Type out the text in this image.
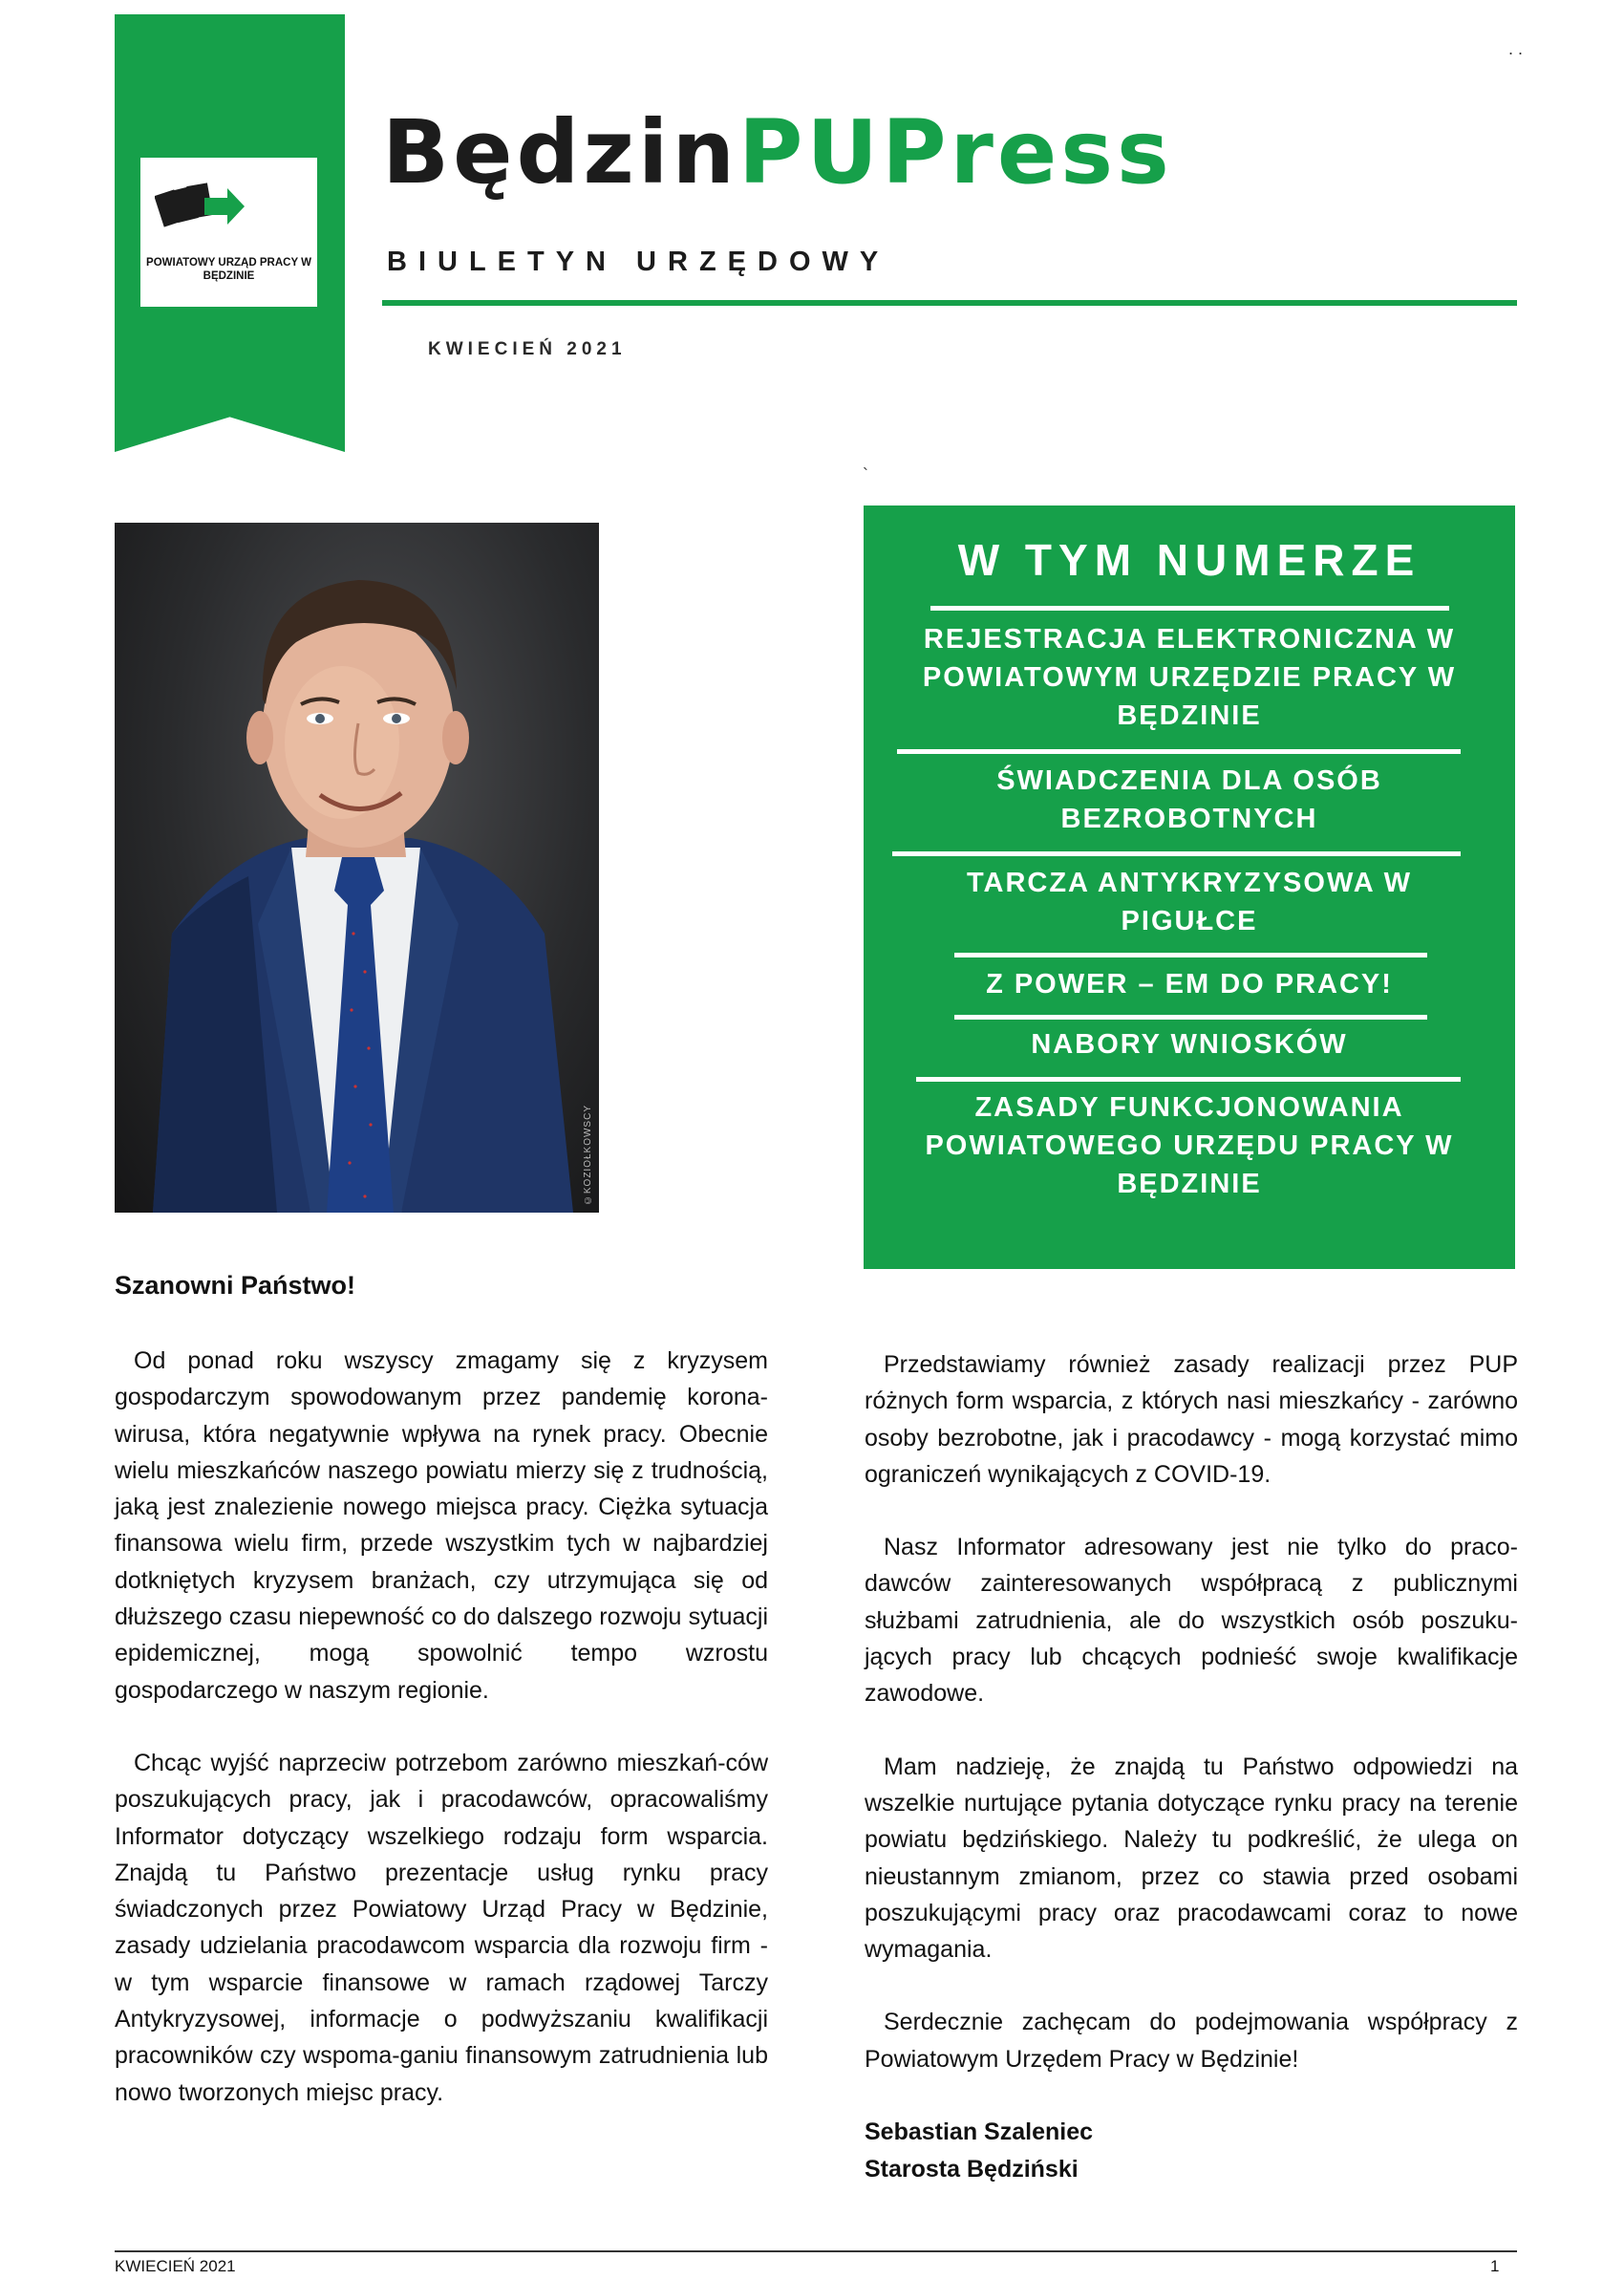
POWIATOWY URZĄD PRACY W BĘDZINIE
BędzinPUPress
BIULETYN URZĘDOWY
KWIECIEŃ 2021
. .
`
©KOZIOŁKOWSCY
W TYM NUMERZE
REJESTRACJA ELEKTRONICZNA W POWIATOWYM URZĘDZIE PRACY W BĘDZINIE
ŚWIADCZENIA DLA OSÓB BEZROBOTNYCH
TARCZA ANTYKRYZYSOWA W PIGUŁCE
Z POWER – EM DO PRACY!
NABORY WNIOSKÓW
ZASADY FUNKCJONOWANIA POWIATOWEGO URZĘDU PRACY W BĘDZINIE
Szanowni Państwo!

Od ponad roku wszyscy zmagamy się z kryzysem gospodarczym spowodowanym przez pandemię korona-wirusa, która negatywnie wpływa na rynek pracy. Obecnie wielu mieszkańców naszego powiatu mierzy się z trudnością, jaką jest znalezienie nowego miejsca pracy. Ciężka sytuacja finansowa wielu firm, przede wszystkim tych w najbardziej dotkniętych kryzysem branżach, czy utrzymująca się od dłuższego czasu niepewność co do dalszego rozwoju sytuacji epidemicznej, mogą spowolnić tempo wzrostu gospodarczego w naszym regionie.

Chcąc wyjść naprzeciw potrzebom zarówno mieszkań-ców poszukujących pracy, jak i pracodawców, opracowaliśmy Informator dotyczący wszelkiego rodzaju form wsparcia. Znajdą tu Państwo prezentacje usług rynku pracy świadczonych przez Powiatowy Urząd Pracy w Będzinie, zasady udzielania pracodawcom wsparcia dla rozwoju firm - w tym wsparcie finansowe w ramach rządowej Tarczy Antykryzysowej, informacje o podwyższaniu kwalifikacji pracowników czy wspoma-ganiu finansowym zatrudnienia lub nowo tworzonych miejsc pracy.

Przedstawiamy również zasady realizacji przez PUP różnych form wsparcia, z których nasi mieszkańcy - zarówno osoby bezrobotne, jak i pracodawcy - mogą korzystać mimo ograniczeń wynikających z COVID-19.

Nasz Informator adresowany jest nie tylko do praco-dawców zainteresowanych współpracą z publicznymi służbami zatrudnienia, ale do wszystkich osób poszuku-jących pracy lub chcących podnieść swoje kwalifikacje zawodowe.

Mam nadzieję, że znajdą tu Państwo odpowiedzi na wszelkie nurtujące pytania dotyczące rynku pracy na terenie powiatu będzińskiego. Należy tu podkreślić, że ulega on nieustannym zmianom, przez co stawia przed osobami poszukującymi pracy oraz pracodawcami coraz to nowe wymagania.

Serdecznie zachęcam do podejmowania współpracy z Powiatowym Urzędem Pracy w Będzinie!

Sebastian Szaleniec
Starosta Będziński
KWIECIEŃ 2021	1
